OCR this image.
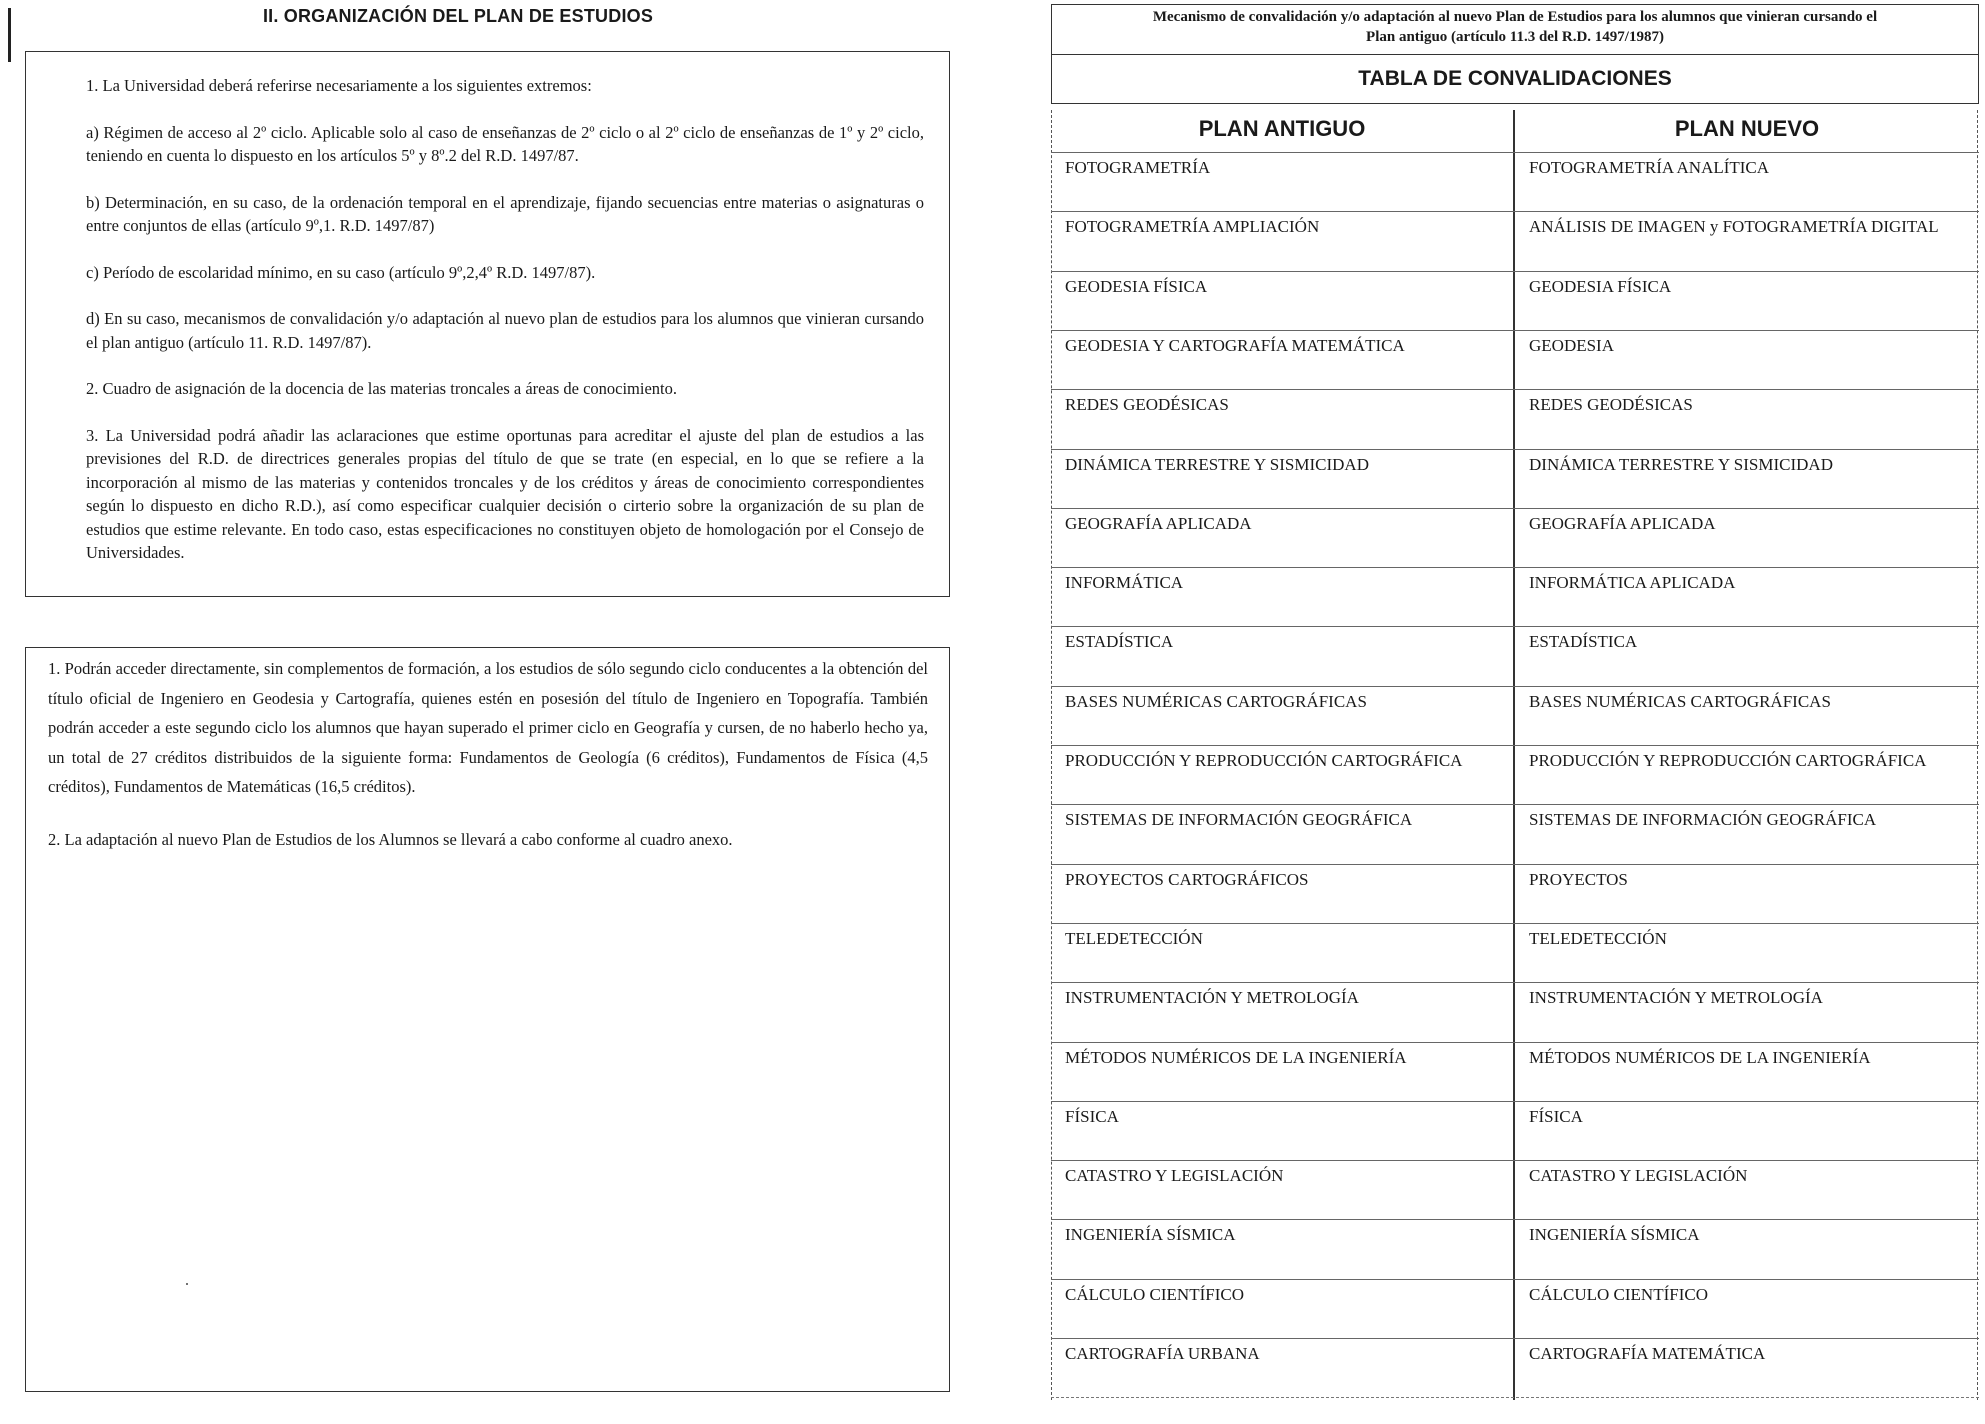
II. ORGANIZACIÓN DEL PLAN DE ESTUDIOS

1. La Universidad deberá referirse necesariamente a los siguientes extremos:

a) Régimen de acceso al 2º ciclo. Aplicable solo al caso de enseñanzas de 2º ciclo o al 2º ciclo de enseñanzas de 1º y 2º ciclo, teniendo en cuenta lo dispuesto en los artículos 5º y 8º.2 del R.D. 1497/87.

b) Determinación, en su caso, de la ordenación temporal en el aprendizaje, fijando secuencias entre materias o asignaturas o entre conjuntos de ellas (artículo 9º,1. R.D. 1497/87)

c) Período de escolaridad mínimo, en su caso (artículo 9º,2,4º R.D. 1497/87).

d) En su caso, mecanismos de convalidación y/o adaptación al nuevo plan de estudios para los alumnos que vinieran cursando el plan antiguo (artículo 11. R.D. 1497/87).

2. Cuadro de asignación de la docencia de las materias troncales a áreas de conocimiento.

3. La Universidad podrá añadir las aclaraciones que estime oportunas para acreditar el ajuste del plan de estudios a las previsiones del R.D. de directrices generales propias del título de que se trate (en especial, en lo que se refiere a la incorporación al mismo de las materias y contenidos troncales y de los créditos y áreas de conocimiento correspondientes según lo dispuesto en dicho R.D.), así como especificar cualquier decisión o cirterio sobre la organización de su plan de estudios que estime relevante. En todo caso, estas especificaciones no constituyen objeto de homologación por el Consejo de Universidades.

1. Podrán acceder directamente, sin complementos de formación, a los estudios de sólo segundo ciclo conducentes a la obtención del título oficial de Ingeniero en Geodesia y Cartografía, quienes estén en posesión del título de Ingeniero en Topografía. También podrán acceder a este segundo ciclo los alumnos que hayan superado el primer ciclo en Geografía y cursen, de no haberlo hecho ya, un total de 27 créditos distribuidos de la siguiente forma: Fundamentos de Geología (6 créditos), Fundamentos de Física (4,5 créditos), Fundamentos de Matemáticas (16,5 créditos).

2. La adaptación al nuevo Plan de Estudios de los Alumnos se llevará a cabo conforme al cuadro anexo.

Mecanismo de convalidación y/o adaptación al nuevo Plan de Estudios para los alumnos que vinieran cursando el
Plan antiguo (artículo 11.3 del R.D. 1497/1987)
TABLA DE CONVALIDACIONES
PLAN ANTIGUO	PLAN NUEVO
FOTOGRAMETRÍA	FOTOGRAMETRÍA ANALÍTICA
FOTOGRAMETRÍA AMPLIACIÓN	ANÁLISIS DE IMAGEN y FOTOGRAMETRÍA DIGITAL
GEODESIA FÍSICA	GEODESIA FÍSICA
GEODESIA Y CARTOGRAFÍA MATEMÁTICA	GEODESIA
REDES GEODÉSICAS	REDES GEODÉSICAS
DINÁMICA TERRESTRE Y SISMICIDAD	DINÁMICA TERRESTRE Y SISMICIDAD
GEOGRAFÍA APLICADA	GEOGRAFÍA APLICADA
INFORMÁTICA	INFORMÁTICA APLICADA
ESTADÍSTICA	ESTADÍSTICA
BASES NUMÉRICAS CARTOGRÁFICAS	BASES NUMÉRICAS CARTOGRÁFICAS
PRODUCCIÓN Y REPRODUCCIÓN CARTOGRÁFICA	PRODUCCIÓN Y REPRODUCCIÓN CARTOGRÁFICA
SISTEMAS DE INFORMACIÓN GEOGRÁFICA	SISTEMAS DE INFORMACIÓN GEOGRÁFICA
PROYECTOS CARTOGRÁFICOS	PROYECTOS
TELEDETECCIÓN	TELEDETECCIÓN
INSTRUMENTACIÓN Y METROLOGÍA	INSTRUMENTACIÓN Y METROLOGÍA
MÉTODOS NUMÉRICOS DE LA INGENIERÍA	MÉTODOS NUMÉRICOS DE LA INGENIERÍA
FÍSICA	FÍSICA
CATASTRO Y LEGISLACIÓN	CATASTRO Y LEGISLACIÓN
INGENIERÍA SÍSMICA	INGENIERÍA SÍSMICA
CÁLCULO CIENTÍFICO	CÁLCULO CIENTÍFICO
CARTOGRAFÍA URBANA	CARTOGRAFÍA MATEMÁTICA
